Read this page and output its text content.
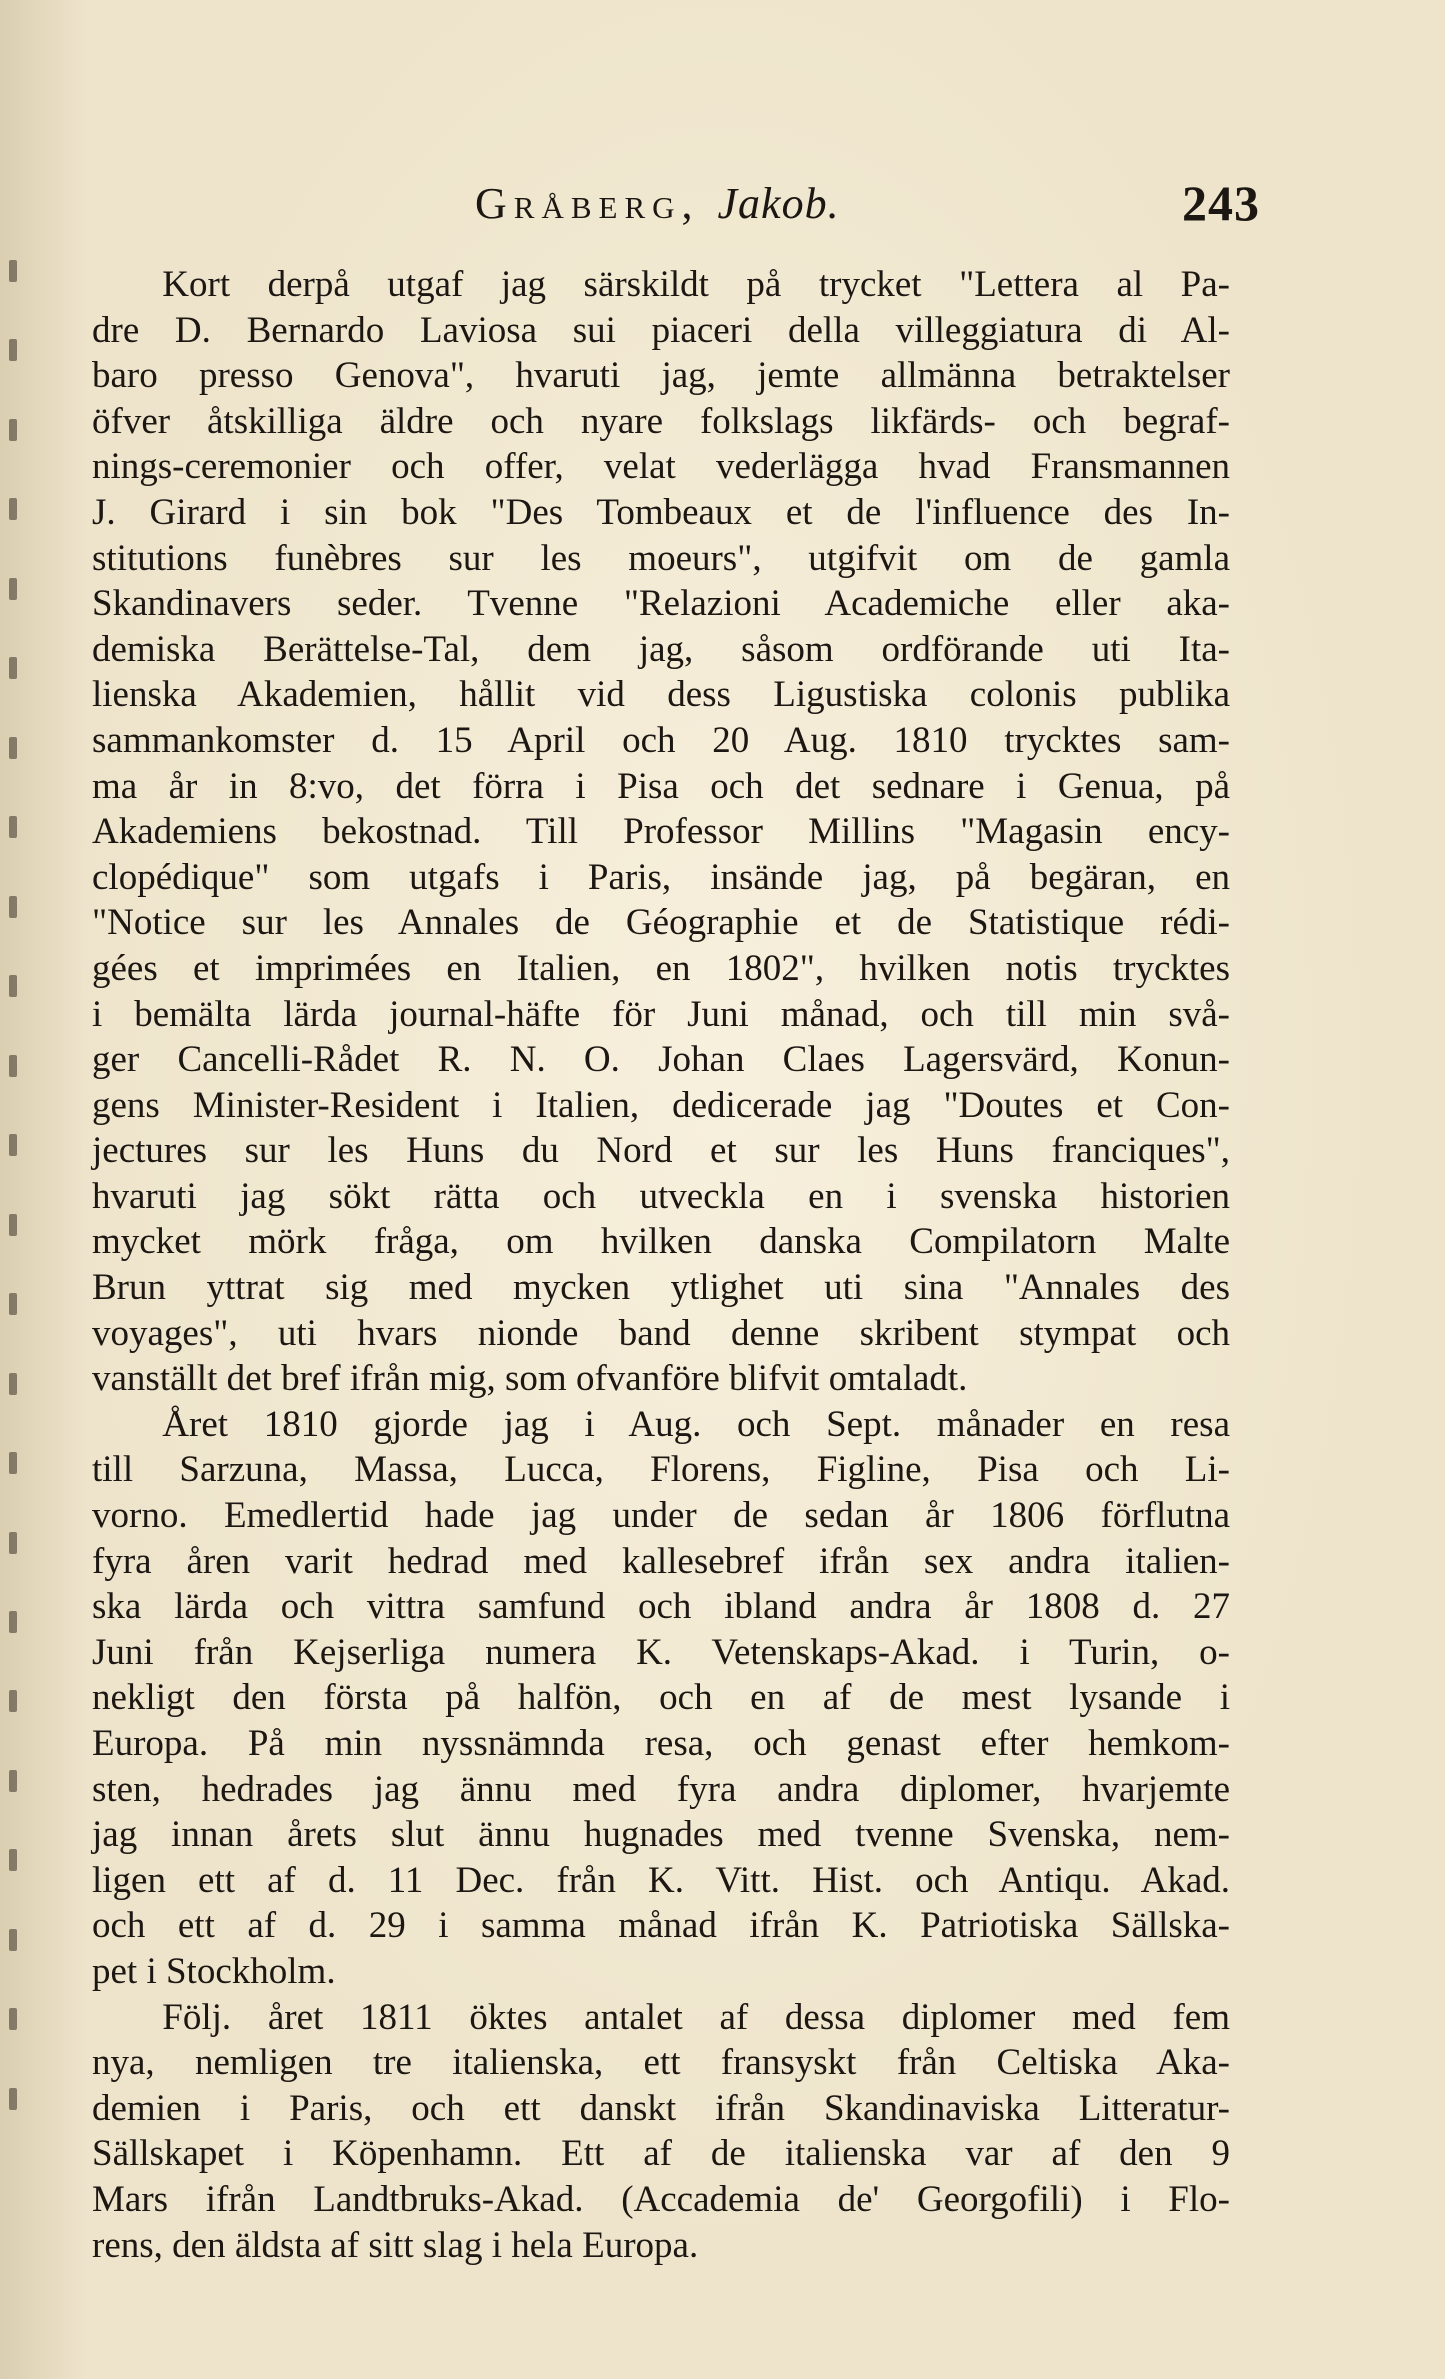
Gråberg, Jakob.	243

Kort derpå utgaf jag särskildt på trycket "Lettera al Pa-
dre D. Bernardo Laviosa sui piaceri della villeggiatura di Al-
baro presso Genova", hvaruti jag, jemte allmänna betraktelser
öfver åtskilliga äldre och nyare folkslags likfärds- och begraf-
nings-ceremonier och offer, velat vederlägga hvad Fransmannen
J. Girard i sin bok "Des Tombeaux et de l'influence des In-
stitutions funèbres sur les moeurs", utgifvit om de gamla
Skandinavers seder. Tvenne "Relazioni Academiche eller aka-
demiska Berättelse-Tal, dem jag, såsom ordförande uti Ita-
lienska Akademien, hållit vid dess Ligustiska colonis publika
sammankomster d. 15 April och 20 Aug. 1810 trycktes sam-
ma år in 8:vo, det förra i Pisa och det sednare i Genua, på
Akademiens bekostnad. Till Professor Millins "Magasin ency-
clopédique" som utgafs i Paris, insände jag, på begäran, en
"Notice sur les Annales de Géographie et de Statistique rédi-
gées et imprimées en Italien, en 1802", hvilken notis trycktes
i bemälta lärda journal-häfte för Juni månad, och till min svå-
ger Cancelli-Rådet R. N. O. Johan Claes Lagersvärd, Konun-
gens Minister-Resident i Italien, dedicerade jag "Doutes et Con-
jectures sur les Huns du Nord et sur les Huns franciques",
hvaruti jag sökt rätta och utveckla en i svenska historien
mycket mörk fråga, om hvilken danska Compilatorn Malte
Brun yttrat sig med mycken ytlighet uti sina "Annales des
voyages", uti hvars nionde band denne skribent stympat och
vanställt det bref ifrån mig, som ofvanföre blifvit omtaladt.

Året 1810 gjorde jag i Aug. och Sept. månader en resa
till Sarzuna, Massa, Lucca, Florens, Figline, Pisa och Li-
vorno. Emedlertid hade jag under de sedan år 1806 förflutna
fyra åren varit hedrad med kallesebref ifrån sex andra italien-
ska lärda och vittra samfund och ibland andra år 1808 d. 27
Juni från Kejserliga numera K. Vetenskaps-Akad. i Turin, o-
nekligt den första på halfön, och en af de mest lysande i
Europa. På min nyssnämnda resa, och genast efter hemkom-
sten, hedrades jag ännu med fyra andra diplomer, hvarjemte
jag innan årets slut ännu hugnades med tvenne Svenska, nem-
ligen ett af d. 11 Dec. från K. Vitt. Hist. och Antiqu. Akad.
och ett af d. 29 i samma månad ifrån K. Patriotiska Sällska-
pet i Stockholm.

Följ. året 1811 öktes antalet af dessa diplomer med fem
nya, nemligen tre italienska, ett fransyskt från Celtiska Aka-
demien i Paris, och ett danskt ifrån Skandinaviska Litteratur-
Sällskapet i Köpenhamn. Ett af de italienska var af den 9
Mars ifrån Landtbruks-Akad. (Accademia de' Georgofili) i Flo-
rens, den äldsta af sitt slag i hela Europa.
